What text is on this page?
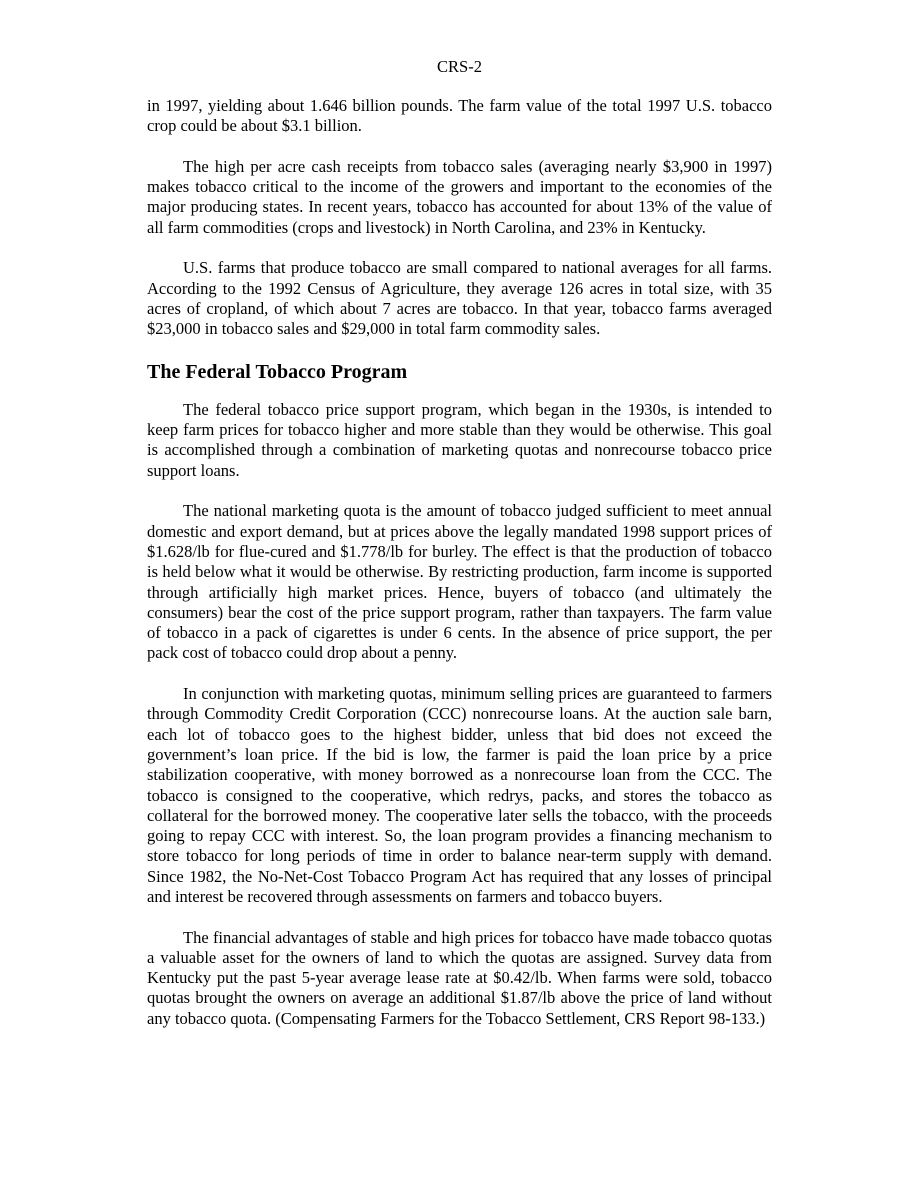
CRS-2

in 1997, yielding about 1.646 billion pounds. The farm value of the total 1997 U.S. tobacco crop could be about $3.1 billion.

The high per acre cash receipts from tobacco sales (averaging nearly $3,900 in 1997) makes tobacco critical to the income of the growers and important to the economies of the major producing states. In recent years, tobacco has accounted for about 13% of the value of all farm commodities (crops and livestock) in North Carolina, and 23% in Kentucky.

U.S. farms that produce tobacco are small compared to national averages for all farms. According to the 1992 Census of Agriculture, they average 126 acres in total size, with 35 acres of cropland, of which about 7 acres are tobacco. In that year, tobacco farms averaged $23,000 in tobacco sales and $29,000 in total farm commodity sales.

The Federal Tobacco Program

The federal tobacco price support program, which began in the 1930s, is intended to keep farm prices for tobacco higher and more stable than they would be otherwise. This goal is accomplished through a combination of marketing quotas and nonrecourse tobacco price support loans.

The national marketing quota is the amount of tobacco judged sufficient to meet annual domestic and export demand, but at prices above the legally mandated 1998 support prices of $1.628/lb for flue-cured and $1.778/lb for burley. The effect is that the production of tobacco is held below what it would be otherwise. By restricting production, farm income is supported through artificially high market prices. Hence, buyers of tobacco (and ultimately the consumers) bear the cost of the price support program, rather than taxpayers. The farm value of tobacco in a pack of cigarettes is under 6 cents. In the absence of price support, the per pack cost of tobacco could drop about a penny.

In conjunction with marketing quotas, minimum selling prices are guaranteed to farmers through Commodity Credit Corporation (CCC) nonrecourse loans. At the auction sale barn, each lot of tobacco goes to the highest bidder, unless that bid does not exceed the government’s loan price. If the bid is low, the farmer is paid the loan price by a price stabilization cooperative, with money borrowed as a nonrecourse loan from the CCC. The tobacco is consigned to the cooperative, which redrys, packs, and stores the tobacco as collateral for the borrowed money. The cooperative later sells the tobacco, with the proceeds going to repay CCC with interest. So, the loan program provides a financing mechanism to store tobacco for long periods of time in order to balance near-term supply with demand. Since 1982, the No-Net-Cost Tobacco Program Act has required that any losses of principal and interest be recovered through assessments on farmers and tobacco buyers.

The financial advantages of stable and high prices for tobacco have made tobacco quotas a valuable asset for the owners of land to which the quotas are assigned. Survey data from Kentucky put the past 5-year average lease rate at $0.42/lb. When farms were sold, tobacco quotas brought the owners on average an additional $1.87/lb above the price of land without any tobacco quota. (Compensating Farmers for the Tobacco Settlement, CRS Report 98-133.)
